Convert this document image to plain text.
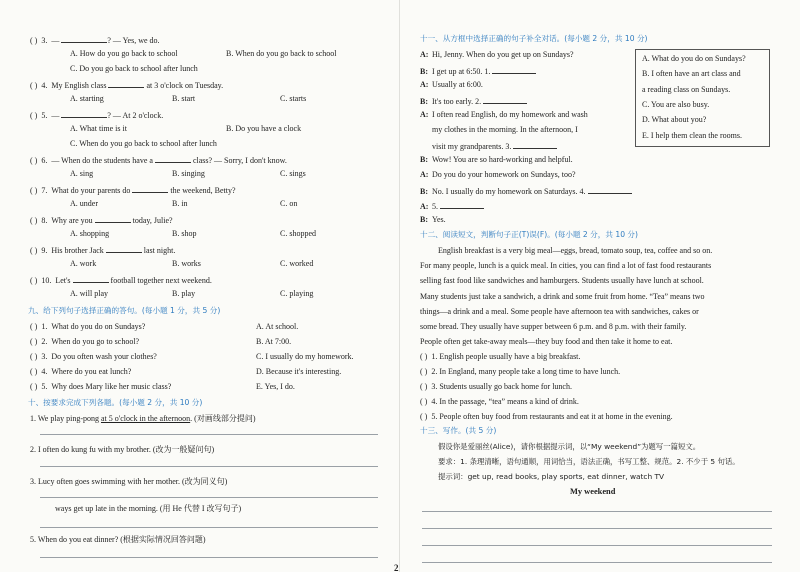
( ) 3. —	? — Yes, we do.
A. How do you go back to school	B. When do you go back to school
C. Do you go back to school after lunch
( ) 4. My English class	at 3 o'clock on Tuesday.
A. starting	B. start	C. starts
( ) 5. —	? — At 2 o'clock.
A. What time is it	B. Do you have a clock
C. When do you go back to school after lunch
( ) 6. — When do the students have a	class? — Sorry, I don't know.
A. sing	B. singing	C. sings
( ) 7. What do your parents do	the weekend, Betty?
A. under	B. in	C. on
( ) 8. Why are you	today, Julie?
A. shopping	B. shop	C. shopped
( ) 9. His brother Jack	last night.
A. work	B. works	C. worked
( ) 10. Let's	football together next weekend.
A. will play	B. play	C. playing
九、给下列句子选择正确的答句。(每小题 1 分，共 5 分)
( ) 1. What do you do on Sundays?	A. At school.
( ) 2. When do you go to school?	B. At 7:00.
( ) 3. Do you often wash your clothes?	C. I usually do my homework.
( ) 4. Where do you eat lunch?	D. Because it's interesting.
( ) 5. Why does Mary like her music class?	E. Yes, I do.
十、按要求完成下列各题。(每小题 2 分，共 10 分)
1. We play ping-pong at 5 o'clock in the afternoon. (对画线部分提问)
2. I often do kung fu with my brother. (改为一般疑问句)
3. Lucy often goes swimming with her mother. (改为同义句)
ways get up late in the morning. (用 He 代替 I 改写句子)
5. When do you eat dinner? (根据实际情况回答问题)
十一、从方框中选择正确的句子补全对话。(每小题 2 分，共 10 分)
A: Hi, Jenny. When do you get up on Sundays?
B: I get up at 6:50. 1.
A: Usually at 6:00.
B: It's too early. 2.
A: I often read English, do my homework and wash
my clothes in the morning. In the afternoon, I
visit my grandparents. 3.
B: Wow! You are so hard-working and helpful.
A: Do you do your homework on Sundays, too?
B: No. I usually do my homework on Saturdays. 4.
A: 5.
B: Yes.
A. What do you do on Sundays?
B. I often have an art class and
a reading class on Sundays.
C. You are also busy.
D. What about you?
E. I help them clean the rooms.
十二、阅读短文，判断句子正(T)误(F)。(每小题 2 分，共 10 分)
English breakfast is a very big meal—eggs, bread, tomato soup, tea, coffee and so on.
For many people, lunch is a quick meal. In cities, you can find a lot of fast food restaurants
selling fast food like sandwiches and hamburgers. Students usually have lunch at school.
Many students just take a sandwich, a drink and some fruit from home. “Tea” means two
things—a drink and a meal. Some people have afternoon tea with sandwiches, cakes or
some bread. They usually have supper between 6 p.m. and 8 p.m. with their family.
People often get take-away meals—they buy food and then take it home to eat.
( ) 1. English people usually have a big breakfast.
( ) 2. In England, many people take a long time to have lunch.
( ) 3. Students usually go back home for lunch.
( ) 4. In the passage, “tea” means a kind of drink.
( ) 5. People often buy food from restaurants and eat it at home in the evening.
十三、写作。(共 5 分)
假设你是爱丽丝(Alice)，请你根据提示词，以“My weekend”为题写一篇短文。
要求：1. 条理清晰，语句通顺，用词恰当，语法正确，书写工整、规范。2. 不少于 5 句话。
提示词：get up, read books, play sports, eat dinner, watch TV
My weekend
2
